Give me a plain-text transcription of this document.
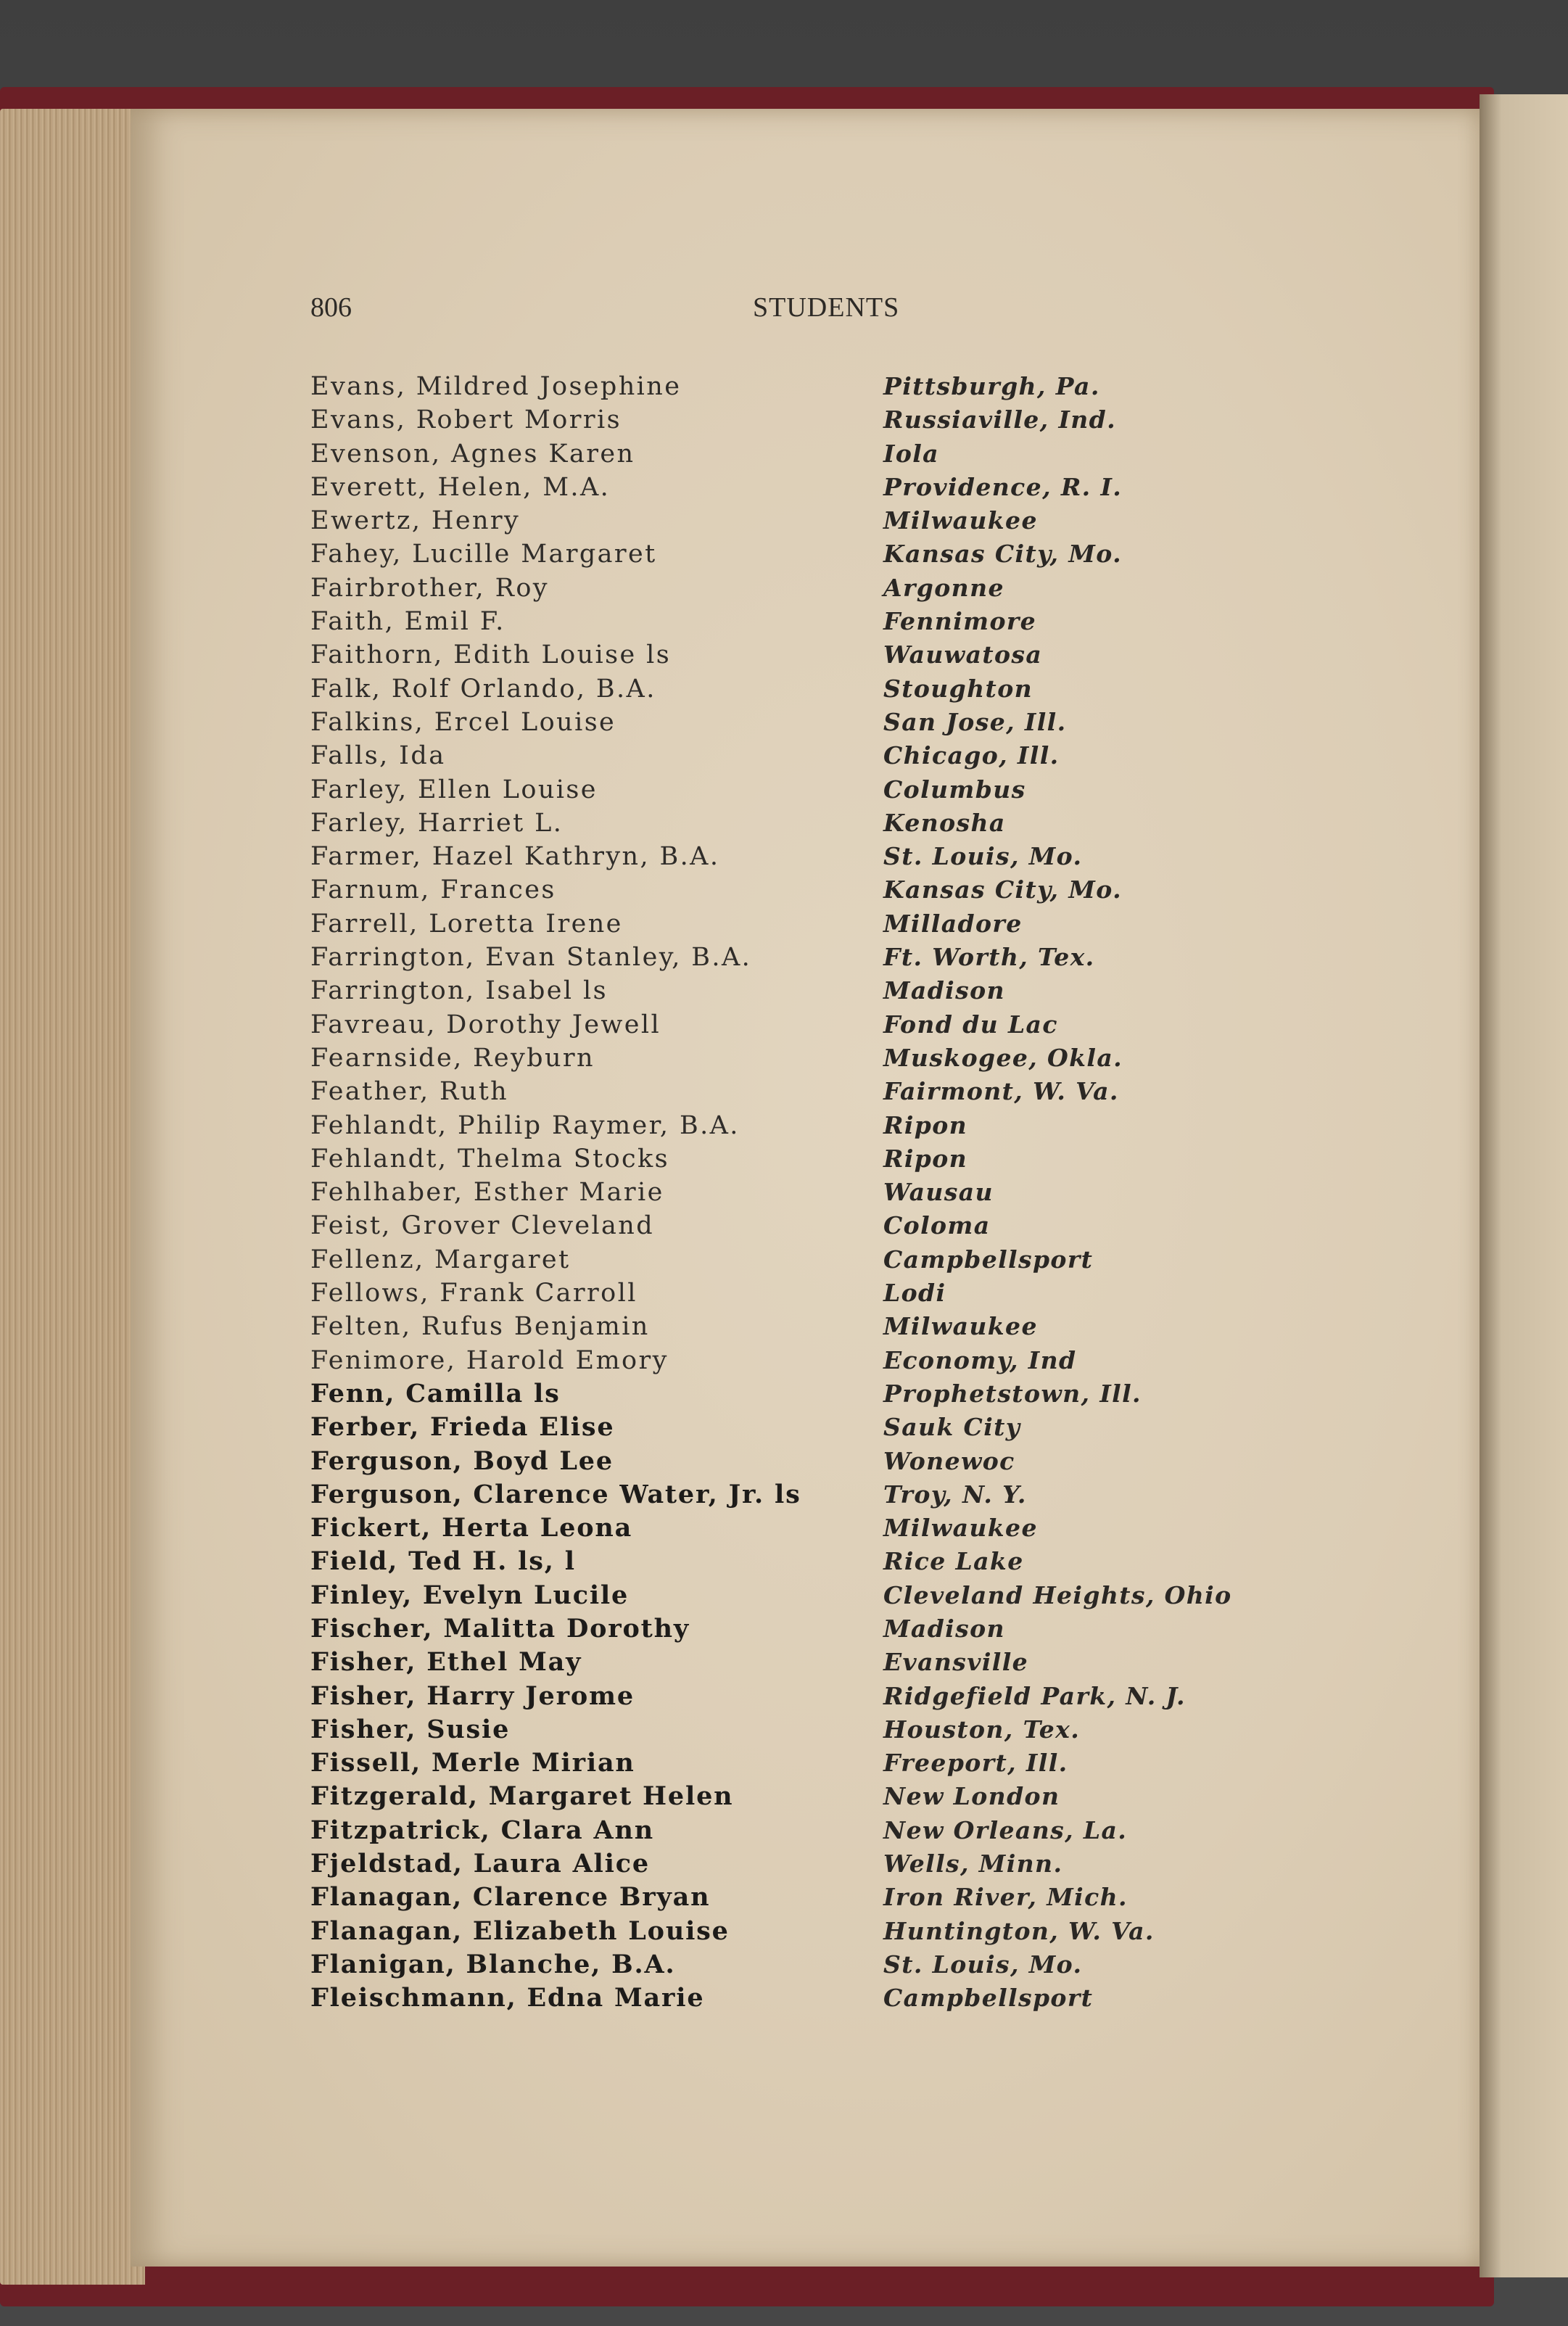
806	STUDENTS
Evans, Mildred Josephine	Pittsburgh, Pa.
Evans, Robert Morris	Russiaville, Ind.
Evenson, Agnes Karen	Iola
Everett, Helen, M.A.	Providence, R. I.
Ewertz, Henry	Milwaukee
Fahey, Lucille Margaret	Kansas City, Mo.
Fairbrother, Roy	Argonne
Faith, Emil F.	Fennimore
Faithorn, Edith Louise ls	Wauwatosa
Falk, Rolf Orlando, B.A.	Stoughton
Falkins, Ercel Louise	San Jose, Ill.
Falls, Ida	Chicago, Ill.
Farley, Ellen Louise	Columbus
Farley, Harriet L.	Kenosha
Farmer, Hazel Kathryn, B.A.	St. Louis, Mo.
Farnum, Frances	Kansas City, Mo.
Farrell, Loretta Irene	Milladore
Farrington, Evan Stanley, B.A.	Ft. Worth, Tex.
Farrington, Isabel ls	Madison
Favreau, Dorothy Jewell	Fond du Lac
Fearnside, Reyburn	Muskogee, Okla.
Feather, Ruth	Fairmont, W. Va.
Fehlandt, Philip Raymer, B.A.	Ripon
Fehlandt, Thelma Stocks	Ripon
Fehlhaber, Esther Marie	Wausau
Feist, Grover Cleveland	Coloma
Fellenz, Margaret	Campbellsport
Fellows, Frank Carroll	Lodi
Felten, Rufus Benjamin	Milwaukee
Fenimore, Harold Emory	Economy, Ind
Fenn, Camilla ls	Prophetstown, Ill.
Ferber, Frieda Elise	Sauk City
Ferguson, Boyd Lee	Wonewoc
Ferguson, Clarence Water, Jr. ls	Troy, N. Y.
Fickert, Herta Leona	Milwaukee
Field, Ted H. ls, l	Rice Lake
Finley, Evelyn Lucile	Cleveland Heights, Ohio
Fischer, Malitta Dorothy	Madison
Fisher, Ethel May	Evansville
Fisher, Harry Jerome	Ridgefield Park, N. J.
Fisher, Susie	Houston, Tex.
Fissell, Merle Mirian	Freeport, Ill.
Fitzgerald, Margaret Helen	New London
Fitzpatrick, Clara Ann	New Orleans, La.
Fjeldstad, Laura Alice	Wells, Minn.
Flanagan, Clarence Bryan	Iron River, Mich.
Flanagan, Elizabeth Louise	Huntington, W. Va.
Flanigan, Blanche, B.A.	St. Louis, Mo.
Fleischmann, Edna Marie	Campbellsport
